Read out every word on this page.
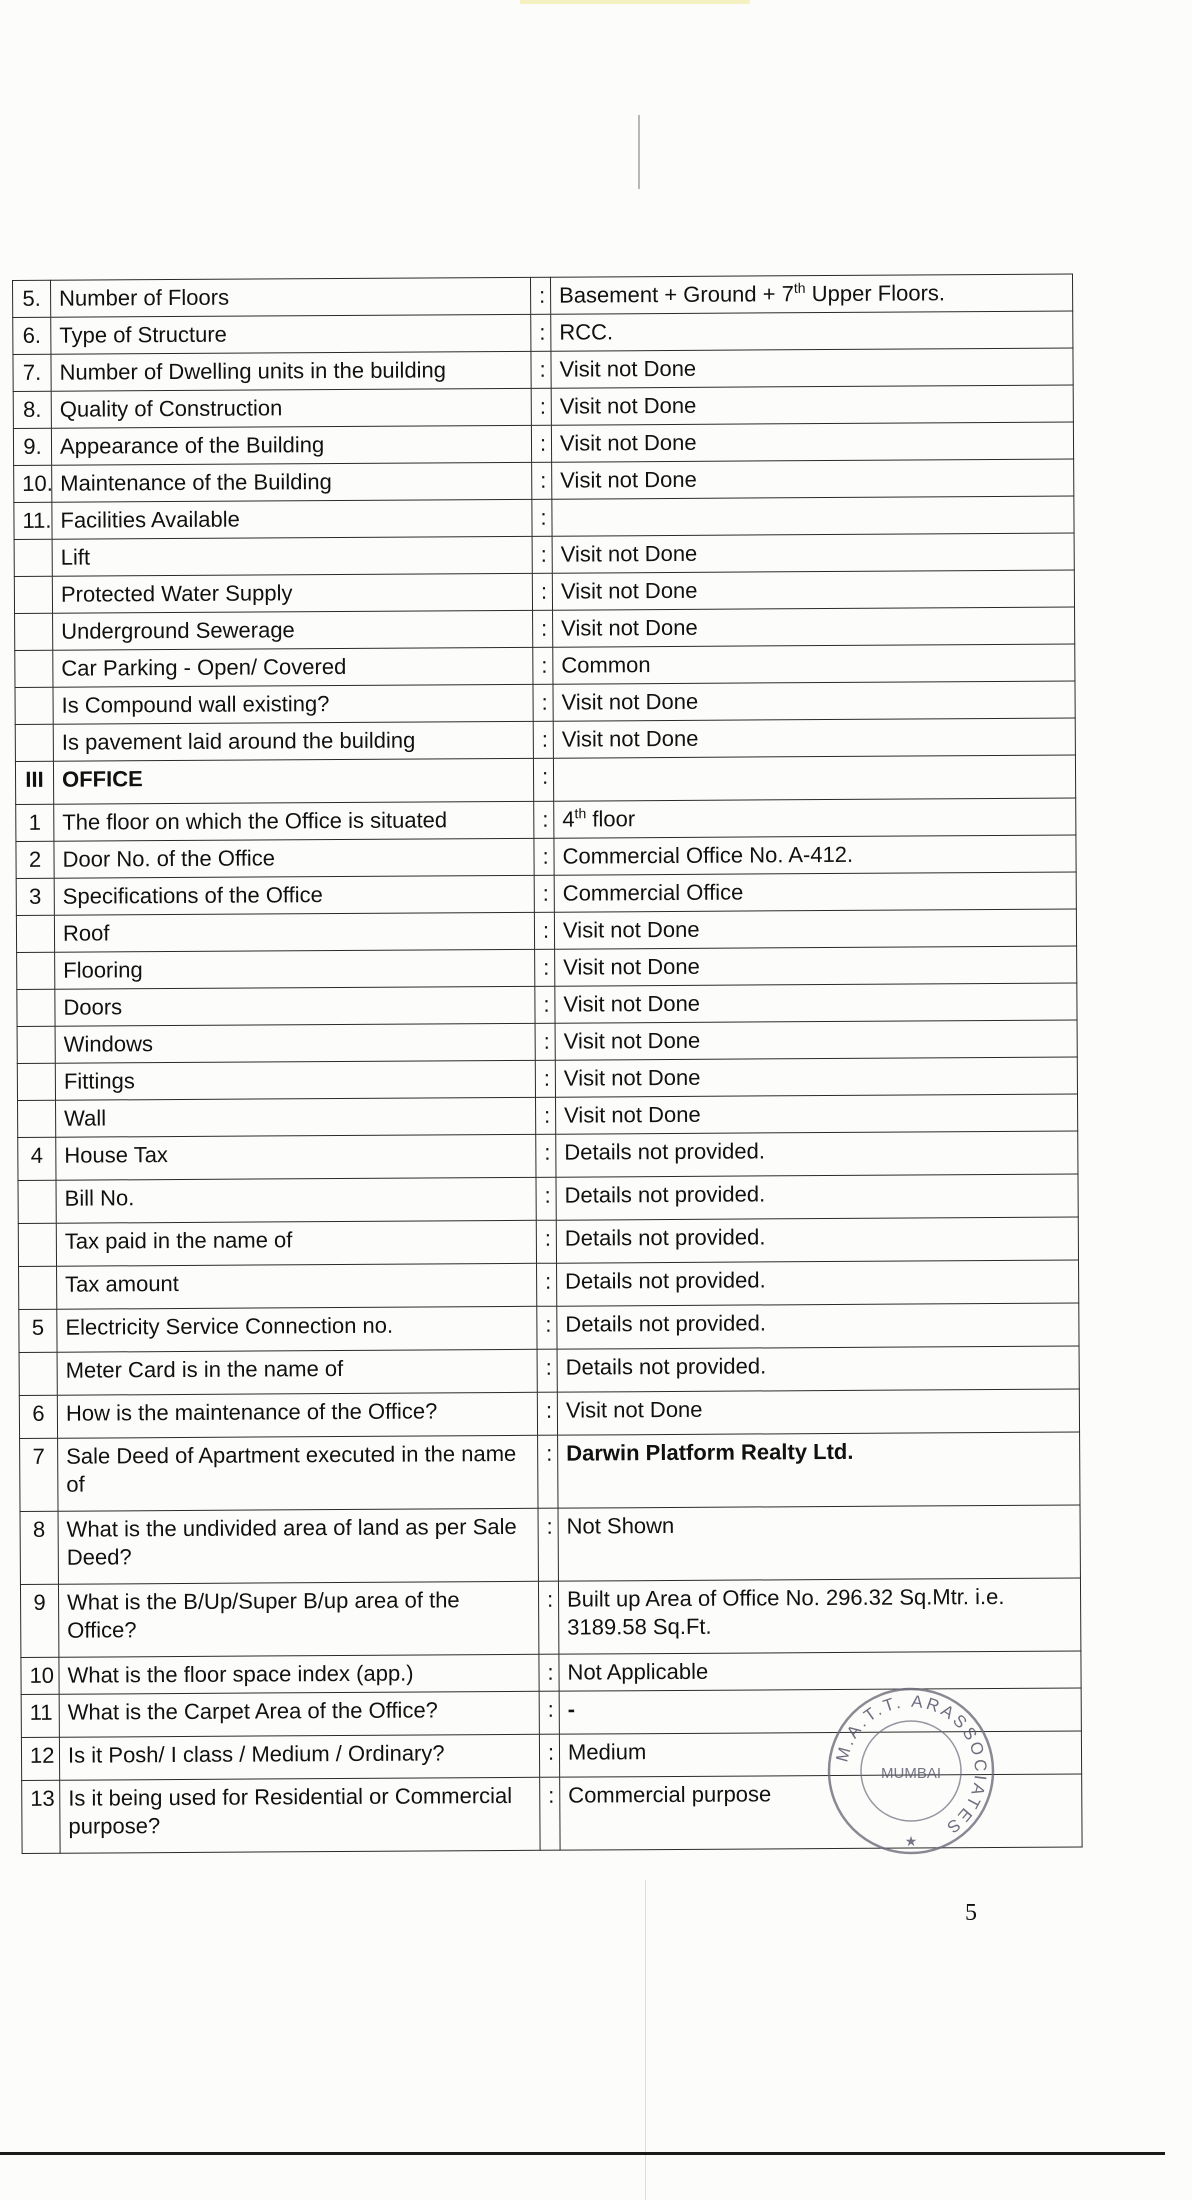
5.	Number of Floors	:	Basement + Ground + 7th Upper Floors.
6.	Type of Structure	:	RCC.
7.	Number of Dwelling units in the building	:	Visit not Done
8.	Quality of Construction	:	Visit not Done
9.	Appearance of the Building	:	Visit not Done
10.	Maintenance of the Building	:	Visit not Done
11.	Facilities Available	:	
	Lift	:	Visit not Done
	Protected Water Supply	:	Visit not Done
	Underground Sewerage	:	Visit not Done
	Car Parking - Open/ Covered	:	Common
	Is Compound wall existing?	:	Visit not Done
	Is pavement laid around the building	:	Visit not Done
III	OFFICE	:	
1	The floor on which the Office is situated	:	4th floor
2	Door No. of the Office	:	Commercial Office No. A-412.
3	Specifications of the Office	:	Commercial Office
	Roof	:	Visit not Done
	Flooring	:	Visit not Done
	Doors	:	Visit not Done
	Windows	:	Visit not Done
	Fittings	:	Visit not Done
	Wall	:	Visit not Done
4	House Tax	:	Details not provided.
	Bill No.	:	Details not provided.
	Tax paid in the name of	:	Details not provided.
	Tax amount	:	Details not provided.
5	Electricity Service Connection no.	:	Details not provided.
	Meter Card is in the name of	:	Details not provided.
6	How is the maintenance of the Office?	:	Visit not Done
7	Sale Deed of Apartment executed in the name of	:	Darwin Platform Realty Ltd.
8	What is the undivided area of land as per Sale Deed?	:	Not Shown
9	What is the B/Up/Super B/up area of the Office?	:	Built up Area of Office No. 296.32 Sq.Mtr. i.e. 3189.58 Sq.Ft.
10	What is the floor space index (app.)	:	Not Applicable
11	What is the Carpet Area of the Office?	:	-
12	Is it Posh/ I class / Medium / Ordinary?	:	Medium
13	Is it being used for Residential or Commercial purpose?	:	Commercial purpose
M.A.T.T. ARASSOCIATES
MUMBAI
★
5
